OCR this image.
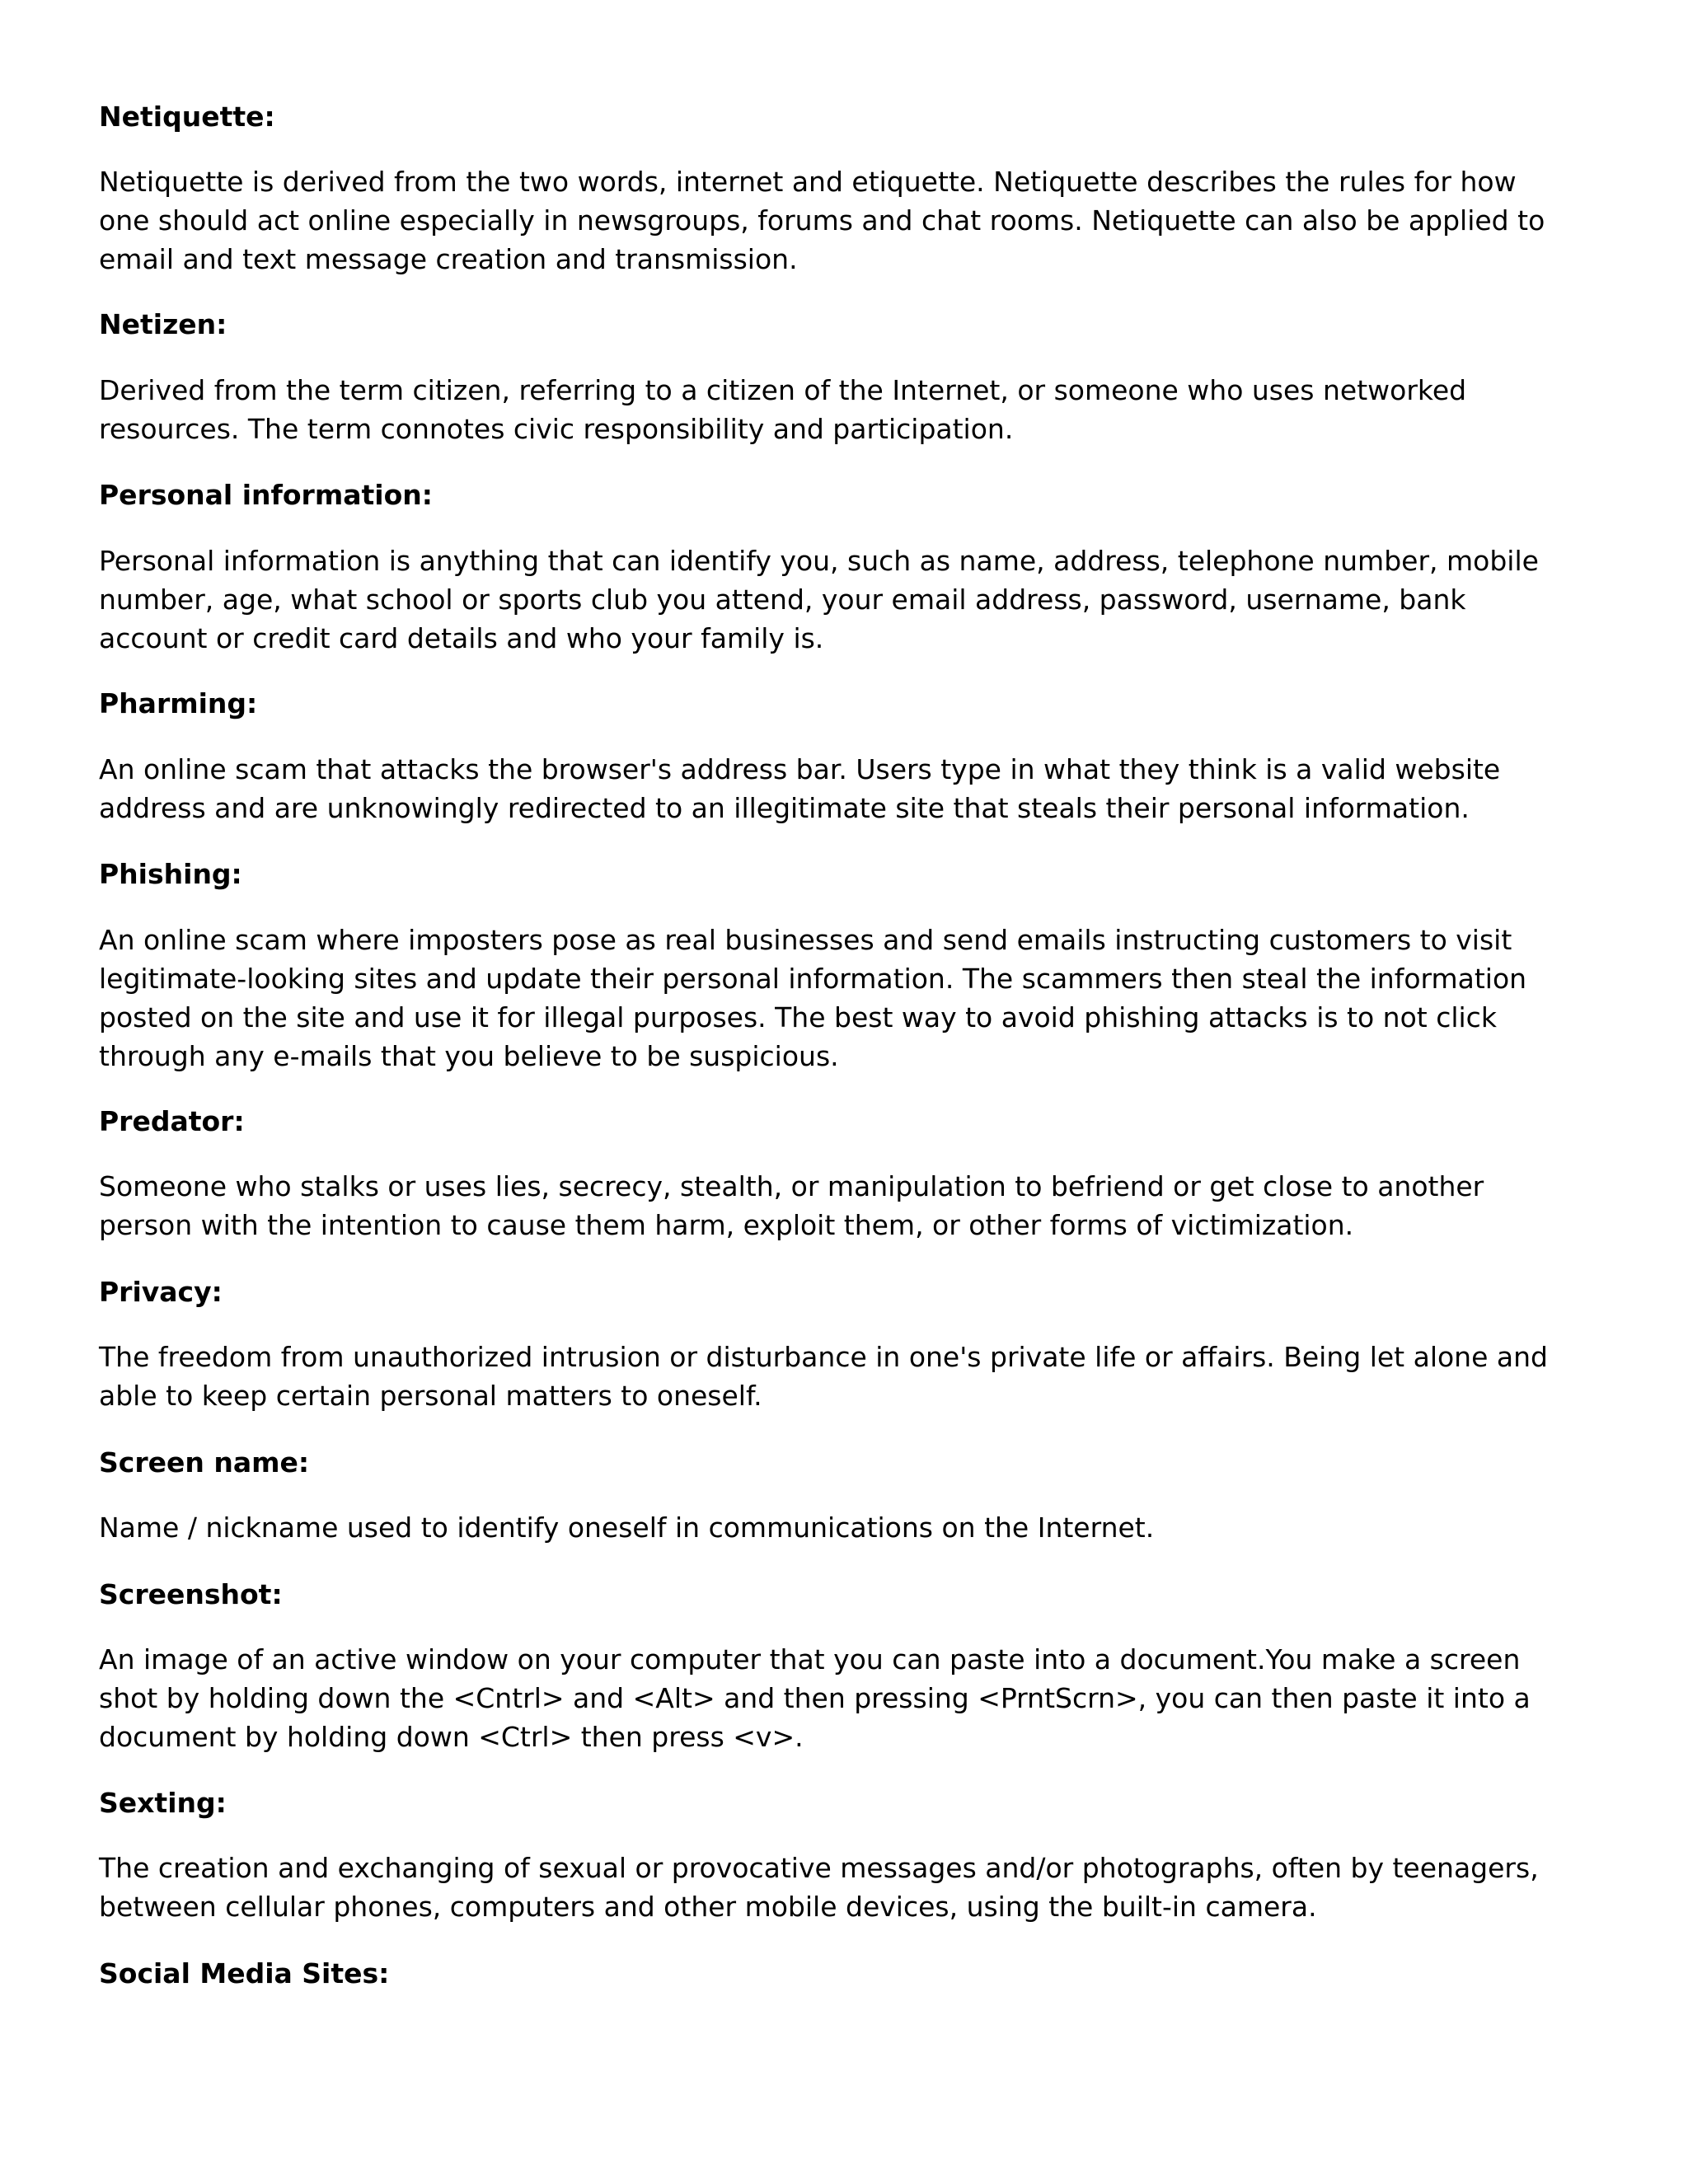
Netiquette:

Netiquette is derived from the two words, internet and etiquette. Netiquette describes the rules for how
one should act online especially in newsgroups, forums and chat rooms. Netiquette can also be applied to
email and text message creation and transmission.

Netizen:

Derived from the term citizen, referring to a citizen of the Internet, or someone who uses networked
resources. The term connotes civic responsibility and participation.

Personal information:

Personal information is anything that can identify you, such as name, address, telephone number, mobile
number, age, what school or sports club you attend, your email address, password, username, bank
account or credit card details and who your family is.

Pharming:

An online scam that attacks the browser's address bar. Users type in what they think is a valid website
address and are unknowingly redirected to an illegitimate site that steals their personal information.

Phishing:

An online scam where imposters pose as real businesses and send emails instructing customers to visit
legitimate-looking sites and update their personal information. The scammers then steal the information
posted on the site and use it for illegal purposes. The best way to avoid phishing attacks is to not click
through any e-mails that you believe to be suspicious.

Predator:

Someone who stalks or uses lies, secrecy, stealth, or manipulation to befriend or get close to another
person with the intention to cause them harm, exploit them, or other forms of victimization.

Privacy:

The freedom from unauthorized intrusion or disturbance in one's private life or affairs. Being let alone and
able to keep certain personal matters to oneself.

Screen name:

Name / nickname used to identify oneself in communications on the Internet.

Screenshot:

An image of an active window on your computer that you can paste into a document.You make a screen
shot by holding down the <Cntrl> and <Alt> and then pressing <PrntScrn>, you can then paste it into a
document by holding down <Ctrl> then press <v>.

Sexting:

The creation and exchanging of sexual or provocative messages and/or photographs, often by teenagers,
between cellular phones, computers and other mobile devices, using the built-in camera.

Social Media Sites:
